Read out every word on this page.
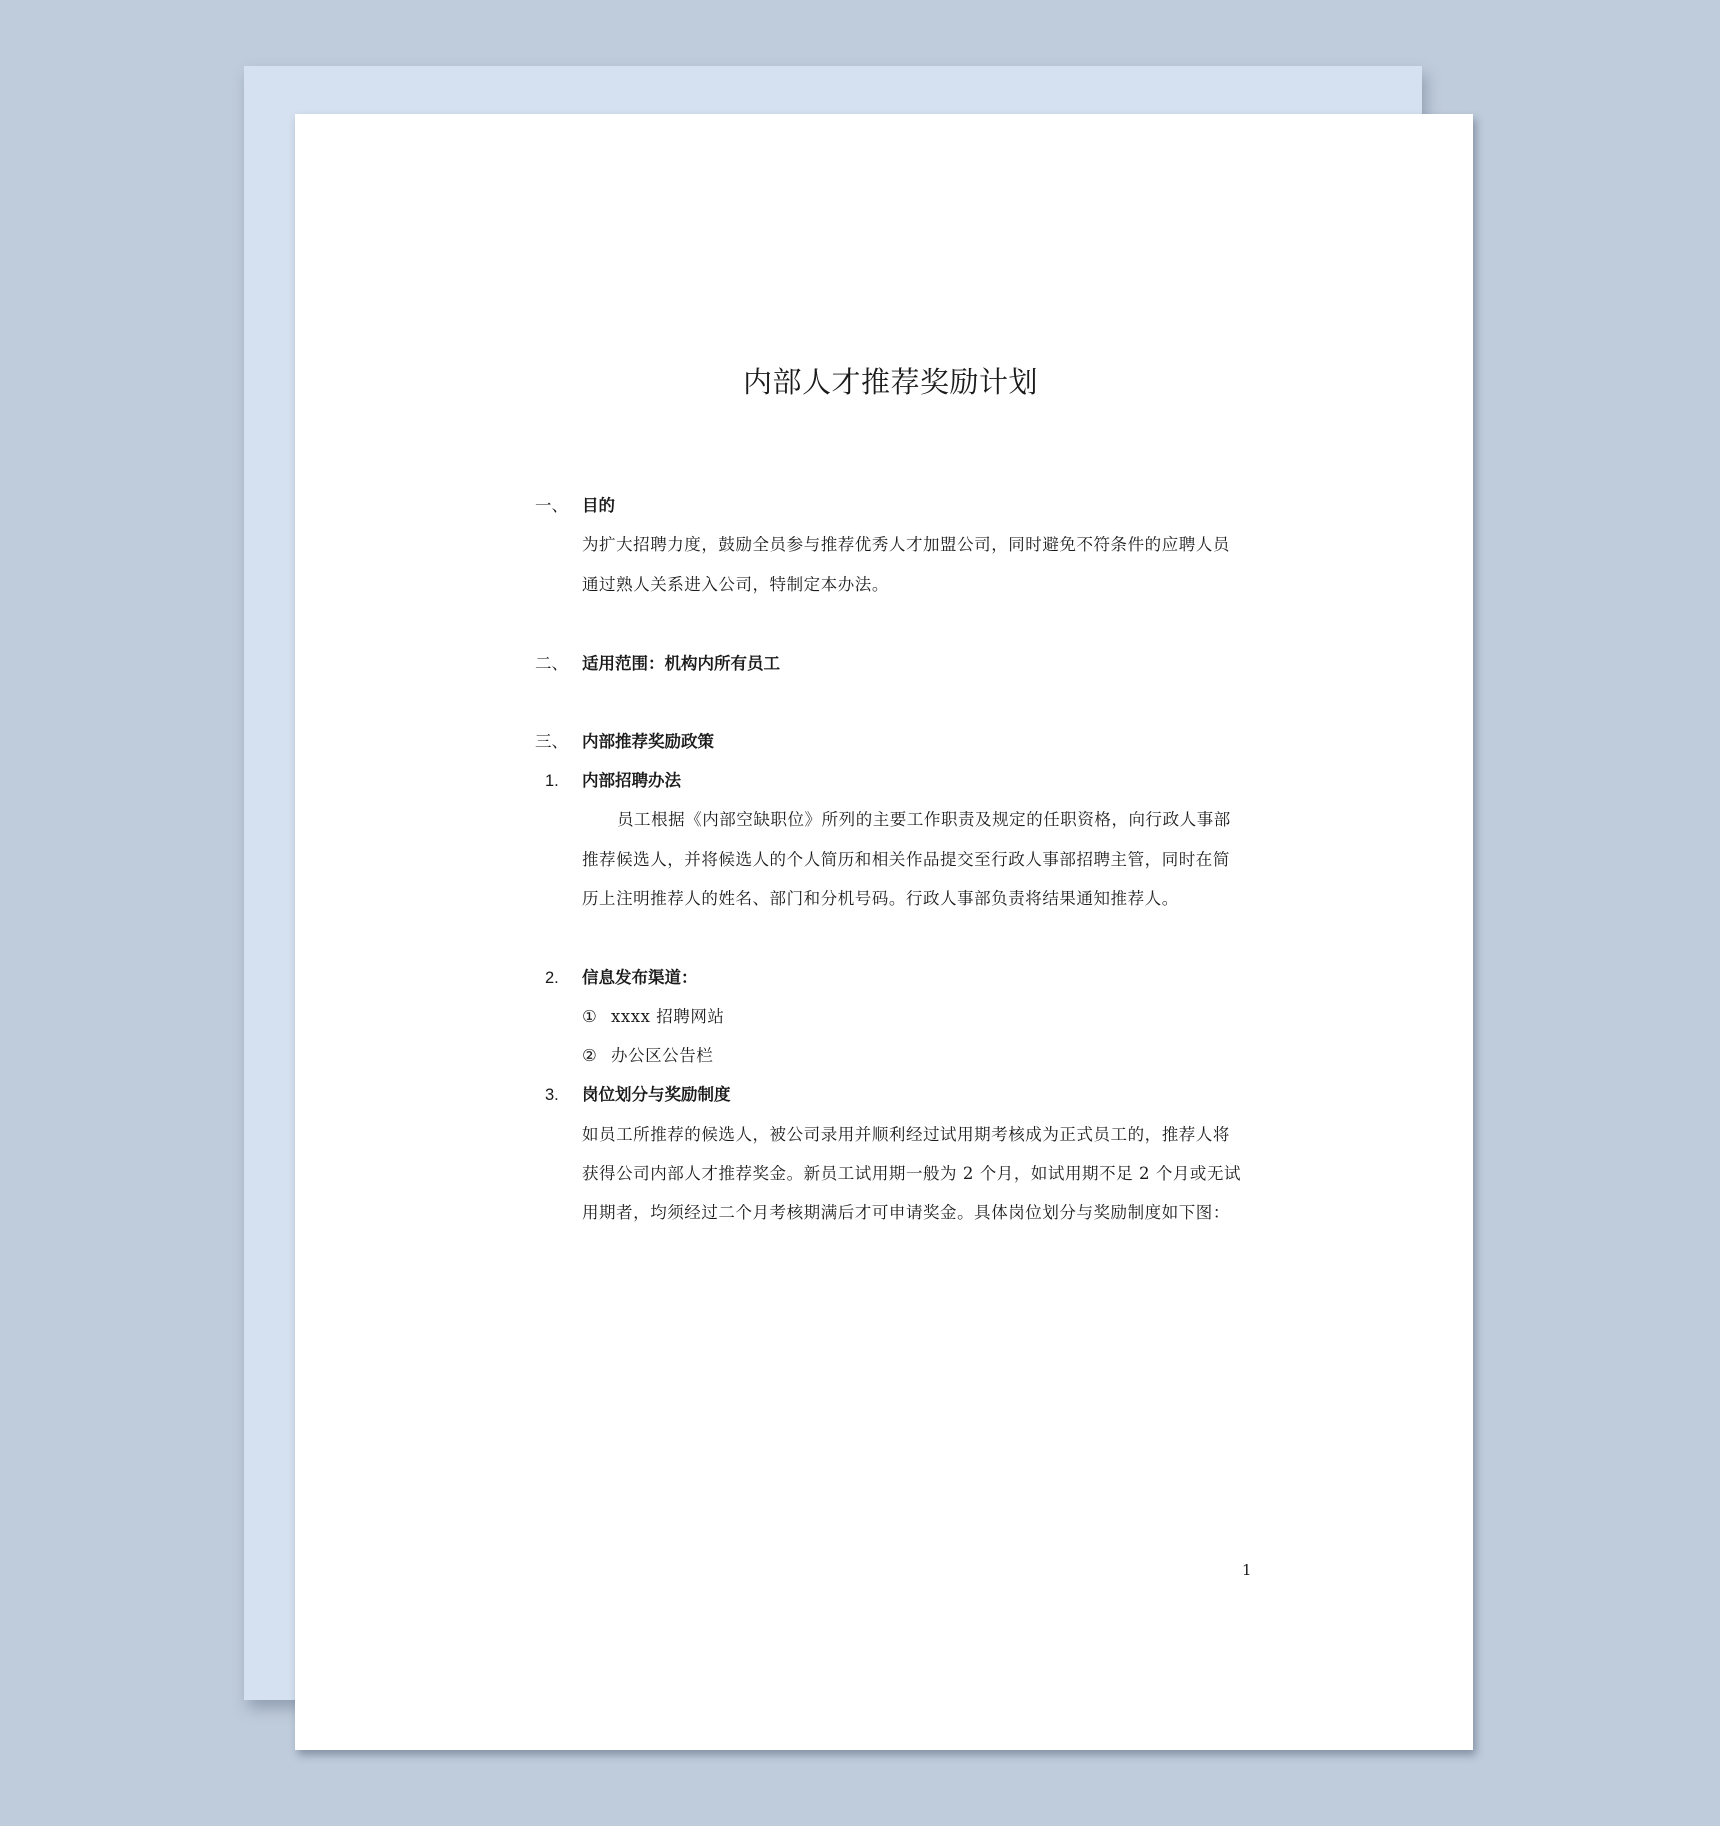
内部人才推荐奖励计划
一、 目的
为扩大招聘力度，鼓励全员参与推荐优秀人才加盟公司，同时避免不符条件的应聘人员
通过熟人关系进入公司，特制定本办法。
二、 适用范围：机构内所有员工
三、 内部推荐奖励政策
1. 内部招聘办法
员工根据《内部空缺职位》所列的主要工作职责及规定的任职资格，向行政人事部
推荐候选人，并将候选人的个人简历和相关作品提交至行政人事部招聘主管，同时在简
历上注明推荐人的姓名、部门和分机号码。行政人事部负责将结果通知推荐人。
2. 信息发布渠道：
① xxxx 招聘网站
② 办公区公告栏
3. 岗位划分与奖励制度
如员工所推荐的候选人，被公司录用并顺利经过试用期考核成为正式员工的，推荐人将
获得公司内部人才推荐奖金。新员工试用期一般为 2 个月，如试用期不足 2 个月或无试
用期者，均须经过二个月考核期满后才可申请奖金。具体岗位划分与奖励制度如下图：
1
